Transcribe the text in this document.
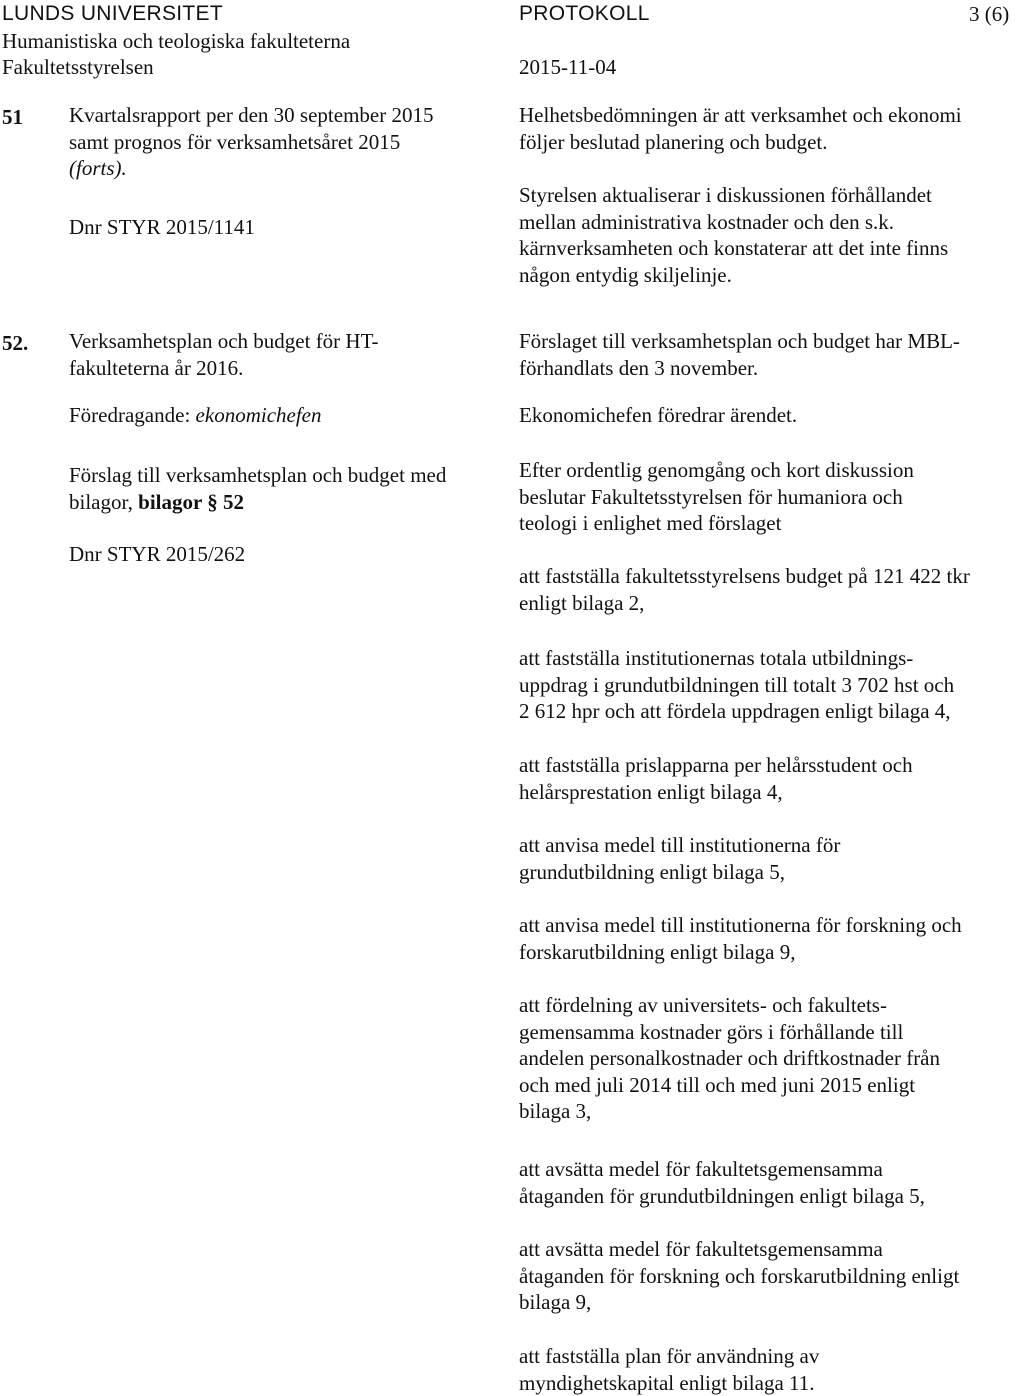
LUNDS UNIVERSITET
Humanistiska och teologiska fakulteterna
Fakultetsstyrelsen
PROTOKOLL
2015-11-04
3 (6)
51 Kvartalsrapport per den 30 september 2015
samt prognos för verksamhetsåret 2015
(forts).
Dnr STYR 2015/1141
Helhetsbedömningen är att verksamhet och ekonomi
följer beslutad planering och budget.
Styrelsen aktualiserar i diskussionen förhållandet
mellan administrativa kostnader och den s.k.
kärnverksamheten och konstaterar att det inte finns
någon entydig skiljelinje.
52. Verksamhetsplan och budget för HT-
fakulteterna år 2016.
Föredragande: ekonomichefen
Förslag till verksamhetsplan och budget med
bilagor, bilagor § 52
Dnr STYR 2015/262
Förslaget till verksamhetsplan och budget har MBL-
förhandlats den 3 november.
Ekonomichefen föredrar ärendet.
Efter ordentlig genomgång och kort diskussion
beslutar Fakultetsstyrelsen för humaniora och
teologi i enlighet med förslaget
att fastställa fakultetsstyrelsens budget på 121 422 tkr
enligt bilaga 2,
att fastställa institutionernas totala utbildnings-
uppdrag i grundutbildningen till totalt 3 702 hst och
2 612 hpr och att fördela uppdragen enligt bilaga 4,
att fastställa prislapparna per helårsstudent och
helårsprestation enligt bilaga 4,
att anvisa medel till institutionerna för
grundutbildning enligt bilaga 5,
att anvisa medel till institutionerna för forskning och
forskarutbildning enligt bilaga 9,
att fördelning av universitets- och fakultets-
gemensamma kostnader görs i förhållande till
andelen personalkostnader och driftkostnader från
och med juli 2014 till och med juni 2015 enligt
bilaga 3,
att avsätta medel för fakultetsgemensamma
åtaganden för grundutbildningen enligt bilaga 5,
att avsätta medel för fakultetsgemensamma
åtaganden för forskning och forskarutbildning enligt
bilaga 9,
att fastställa plan för användning av
myndighetskapital enligt bilaga 11.
